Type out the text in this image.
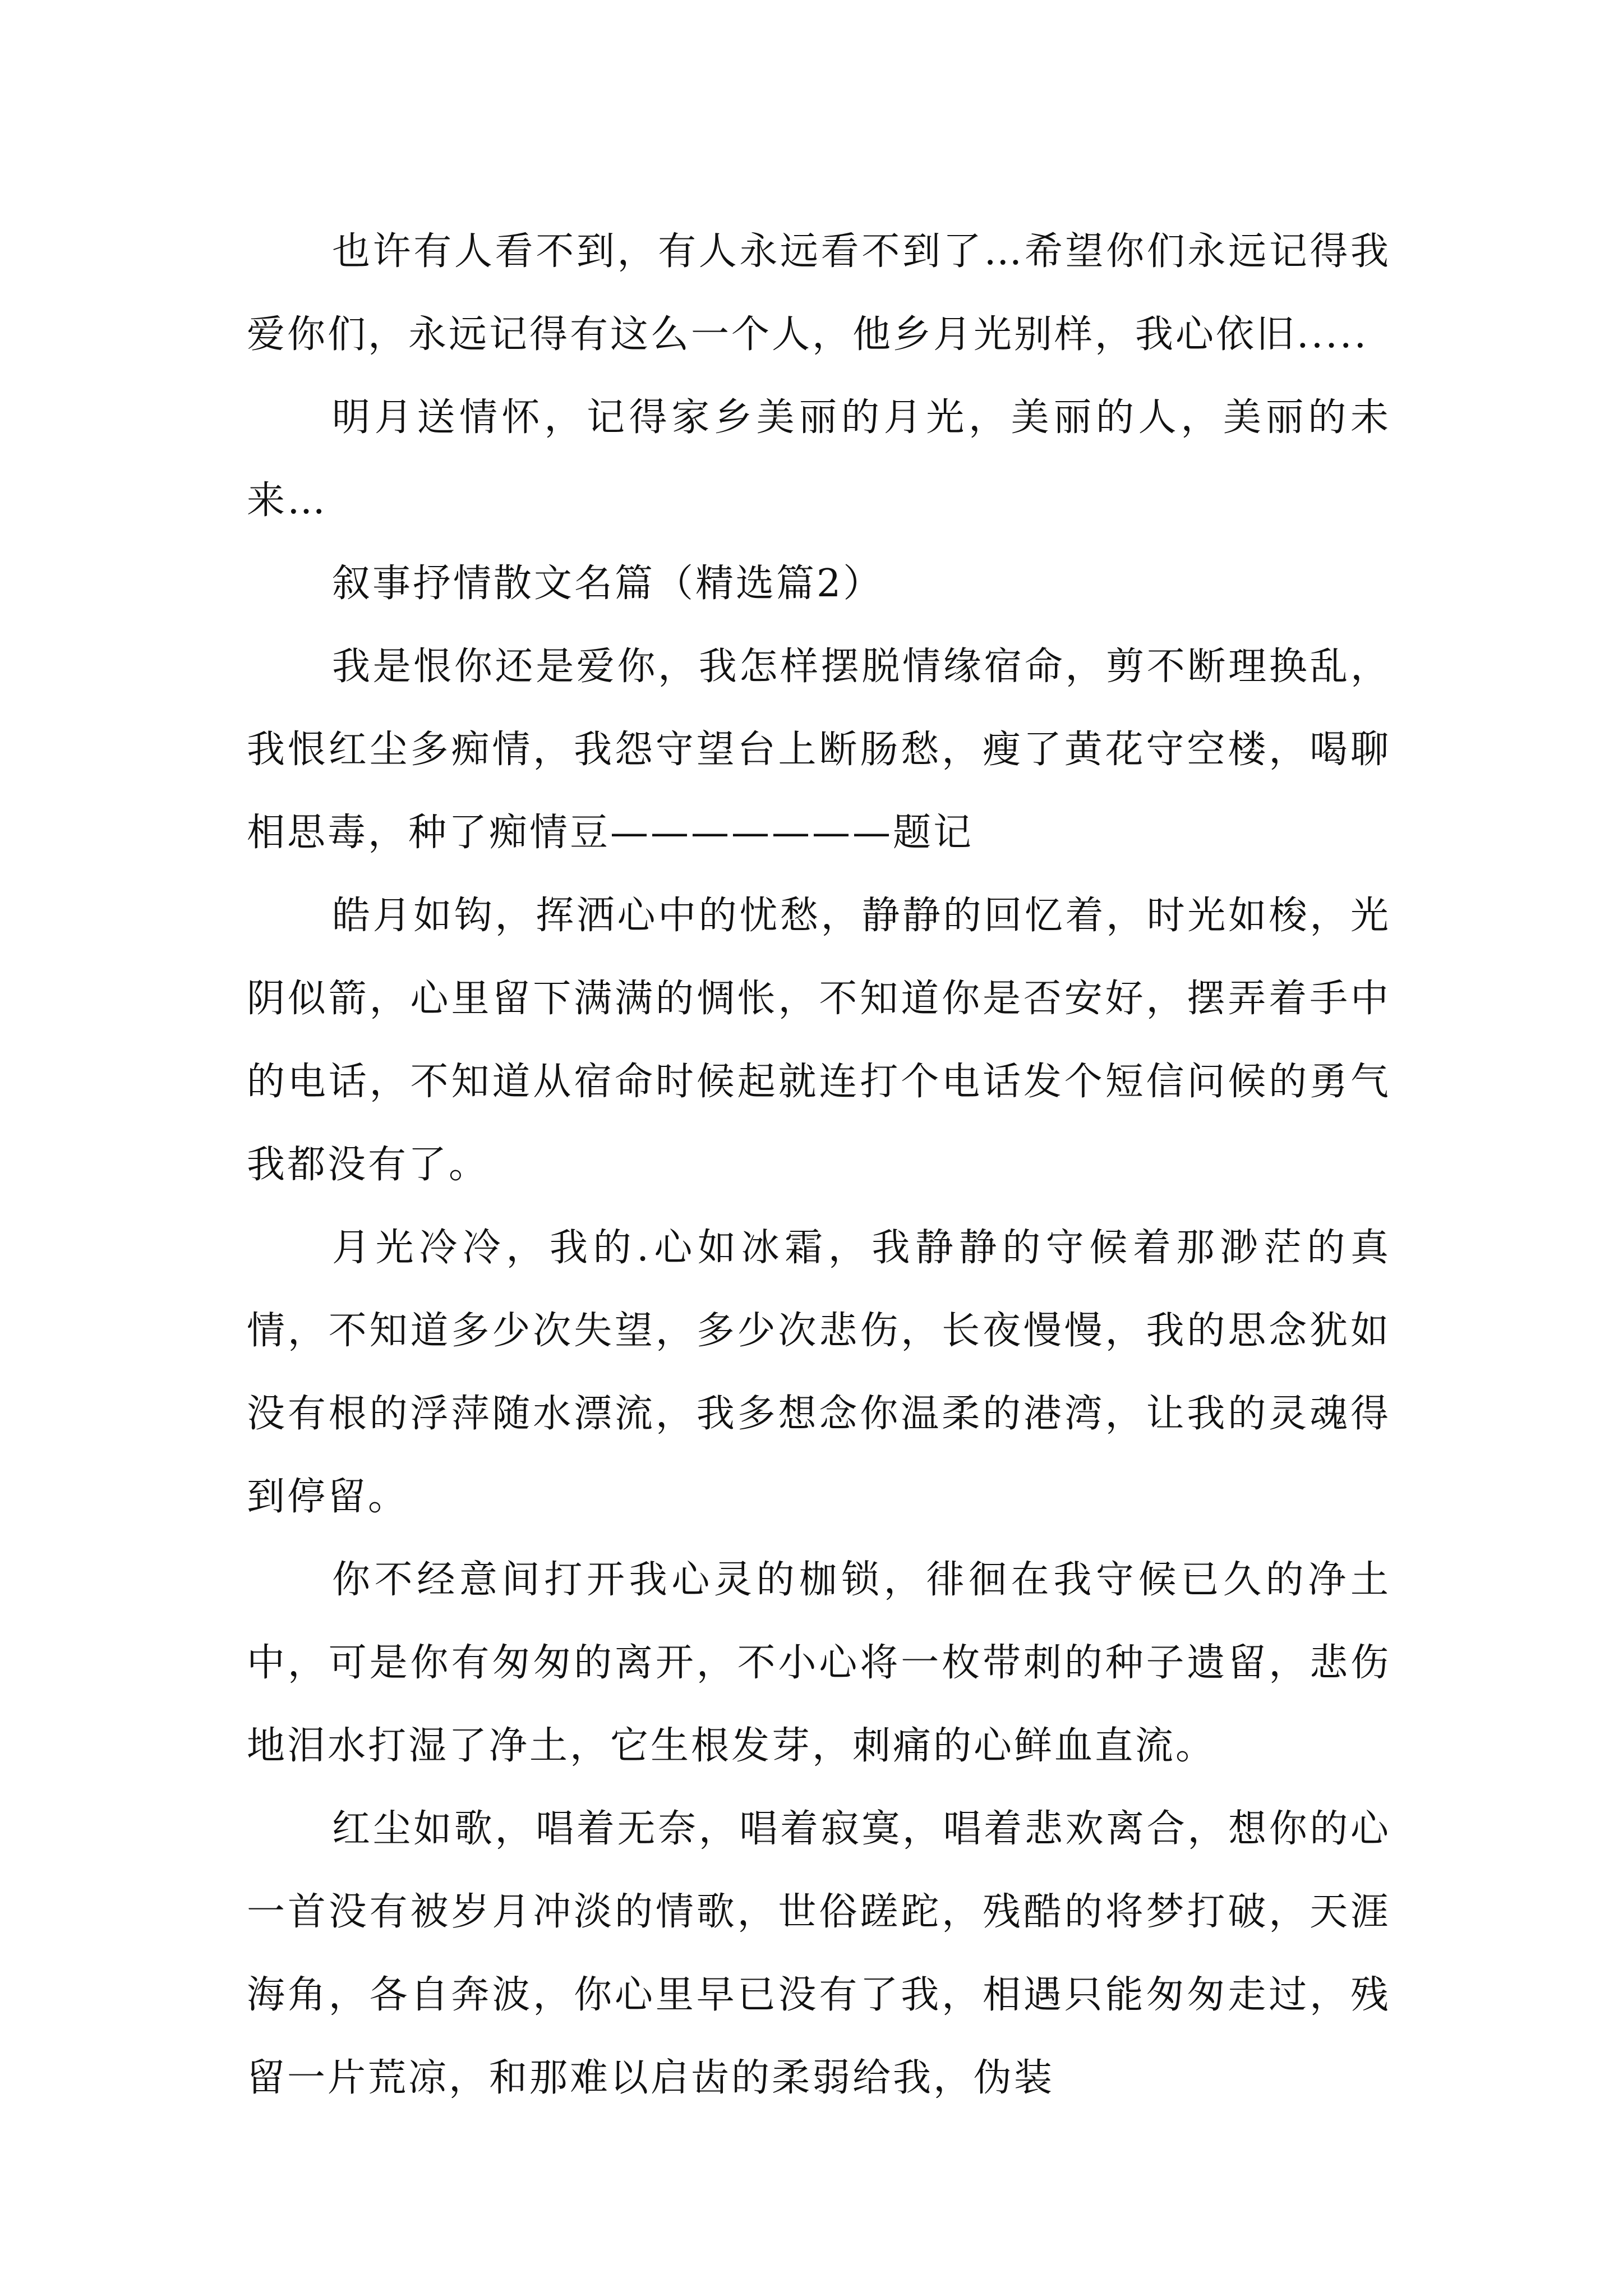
也许有人看不到，有人永远看不到了…希望你们永远记得我爱你们，永远记得有这么一个人，他乡月光别样，我心依旧.....

明月送情怀，记得家乡美丽的月光，美丽的人，美丽的未来…

叙事抒情散文名篇（精选篇2）

我是恨你还是爱你，我怎样摆脱情缘宿命，剪不断理换乱，我恨红尘多痴情，我怨守望台上断肠愁，瘦了黄花守空楼，喝聊相思毒，种了痴情豆———————题记

皓月如钩，挥洒心中的忧愁，静静的回忆着，时光如梭，光阴似箭，心里留下满满的惆怅，不知道你是否安好，摆弄着手中的电话，不知道从宿命时候起就连打个电话发个短信问候的勇气我都没有了。

月光冷冷，我的.心如冰霜，我静静的守候着那渺茫的真情，不知道多少次失望，多少次悲伤，长夜慢慢，我的思念犹如没有根的浮萍随水漂流，我多想念你温柔的港湾，让我的灵魂得到停留。

你不经意间打开我心灵的枷锁，徘徊在我守候已久的净土中，可是你有匆匆的离开，不小心将一枚带刺的种子遗留，悲伤地泪水打湿了净土，它生根发芽，刺痛的心鲜血直流。

红尘如歌，唱着无奈，唱着寂寞，唱着悲欢离合，想你的心一首没有被岁月冲淡的情歌，世俗蹉跎，残酷的将梦打破，天涯海角，各自奔波，你心里早已没有了我，相遇只能匆匆走过，残留一片荒凉，和那难以启齿的柔弱给我，伪装
